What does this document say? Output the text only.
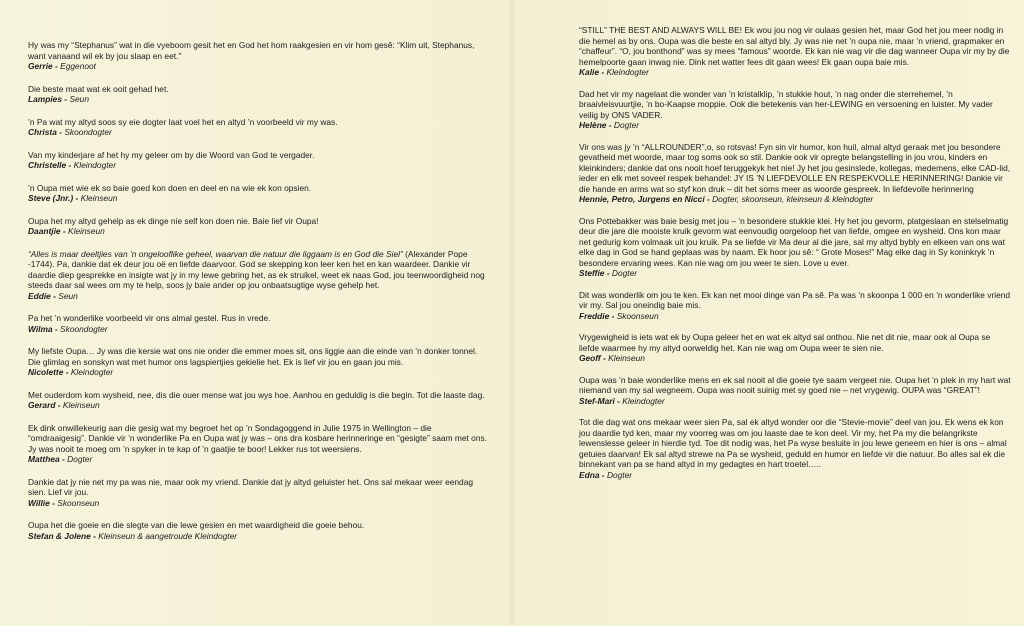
Hy was my “Stephanus” wat in die vyeboom gesit het en God het hom raakgesien en vir hom gesê: “Klim uit, Stephanus, want vanaand wil ek by jou slaap en eet.”

Gerrie - Eggenoot

Die beste maat wat ek ooit gehad het.

Lampies - Seun

’n Pa wat my altyd soos sy eie dogter laat voel het en altyd ’n voorbeeld vir my was.

Christa - Skoondogter

Van my kinderjare af het hy my geleer om by die Woord van God te vergader.

Christelle - Kleindogter

’n Oupa met wie ek so baie goed kon doen en deel en na wie ek kon opsien.

Steve (Jnr.) - Kleinseun

Oupa het my altyd gehelp as ek dinge nie self kon doen nie. Baie lief vir Oupa!

Daantjie - Kleinseun

“Alles is maar deeltjies van ’n ongelooflike geheel, waarvan die natuur die liggaam is en God die Siel” (Alexander Pope -1744). Pa, dankie dat ek deur jou oë en liefde daarvoor. God se skepping kon leer ken het en kan waardeer. Dankie vir daardie diep gesprekke en insigte wat jy in my lewe gebring het, as ek struikel, weet ek naas God, jou teenwoordigheid nog steeds daar sal wees om my te help, soos jy baie ander op jou onbaatsugtige wyse gehelp het.

Eddie - Seun

Pa het ’n wonderlike voorbeeld vir ons almal gestel. Rus in vrede.

Wilma - Skoondogter

My liefste Oupa… Jy was die kersie wat ons nie onder die emmer moes sit, ons liggie aan die einde van ’n donker tonnel. Die glimlag en sonskyn wat met humor ons lagspiertjies gekielie het. Ek is lief vir jou en gaan jou mis.

Nicolette - Kleindogter

Met ouderdom kom wysheid, nee, dis die ouer mense wat jou wys hoe. Aanhou en geduldig is die begin. Tot die laaste dag.

Gerard - Kleinseun

Ek dink onwillekeurig aan die gesig wat my begroet het op ’n Sondagoggend in Julie 1975 in Wellington – die “omdraaigesig”. Dankie vir ’n wonderlike Pa en Oupa wat jy was – ons dra kosbare herinneringe en “gesigte” saam met ons. Jy was nooit te moeg om ’n spyker in te kap of ’n gaatjie te boor! Lekker rus tot weersiens.

Matthea - Dogter

Dankie dat jy nie net my pa was nie, maar ook my vriend. Dankie dat jy altyd geluister het. Ons sal mekaar weer eendag sien. Lief vir jou.

Willie - Skoonseun

Oupa het die goeie en die slegte van die lewe gesien en met waardigheid die goeie behou.

Stefan & Jolene - Kleinseun & aangetroude Kleindogter

“STILL” THE BEST AND ALWAYS WILL BE! Ek wou jou nog vir oulaas gesien het, maar God het jou meer nodig in die hemel as by ons. Oupa was die beste en sal altyd bly. Jy was nie net ’n oupa nie, maar ’n vriend, grapmaker en “chaffeur”. “O, jou bonthond” was sy mees “famous” woorde. Ek kan nie wag vir die dag wanneer Oupa vir my by die hemelpoorte gaan inwag nie. Dink net watter fees dit gaan wees! Ek gaan oupa baie mis.

Kalie - Kleindogter

Dad het vir my nagelaat die wonder van ’n kristalklip, ’n stukkie hout, ’n nag onder die sterrehemel, ’n braaivleisvuurtjie, ’n bo-Kaapse moppie. Ook die betekenis van her-LEWING en versoening en luister. My vader veilig by ONS VADER.

Helène - Dogter

Vir ons was jy ’n “ALLROUNDER”,o, so rotsvas! Fyn sin vir humor, kon huil, almal altyd geraak met jou besondere gevatheid met woorde, maar tog soms ook so stil. Dankie ook vir opregte belangstelling in jou vrou, kinders en kleinkinders; dankie dat ons nooit hoef teruggekyk het nie! Jy het jou gesinslede, kollegas, medemens, elke CAD-lid, ieder en elk met soveel respek behandel: JY IS ’N LIEFDEVOLLE EN RESPEKVOLLE HERINNERING! Dankie vir die hande en arms wat so styf kon druk – dit het soms meer as woorde gespreek. In liefdevolle herinnering

Hennie, Petro, Jurgens en Nicci - Dogter, skoonseun, kleinseun & kleindogter

Ons Pottebakker was baie besig met jou – ’n besondere stukkie klei. Hy het jou gevorm, platgeslaan en stelselmatig deur die jare die mooiste kruik gevorm wat eenvoudig oorgeloop het van liefde, omgee en wysheid. Ons kon maar net gedurig kom volmaak uit jou kruik. Pa se liefde vir Ma deur al die jare, sal my altyd bybly en elkeen van ons wat elke dag in God se hand geplaas was by naam. Ek hoor jou sê: “ Grote Moses!” Mag elke dag in Sy koninkryk ’n besondere ervaring wees. Kan nie wag om jou weer te sien. Love u ever.

Steffie - Dogter

Dit was wonderlik om jou te ken. Ek kan net mooi dinge van Pa sê. Pa was ’n skoonpa 1 000 en ’n wonderlike vriend vir my. Sal jou oneindig baie mis.

Freddie - Skoonseun

Vrygewigheid is iets wat ek by Oupa geleer het en wat ek altyd sal onthou. Nie net dit nie, maar ook al Oupa se liefde waarmee hy my altyd oorweldig het. Kan nie wag om Oupa weer te sien nie.

Geoff - Kleinseun

Oupa was ’n baie wonderlike mens en ek sal nooit al die goeie tye saam vergeet nie. Oupa het ’n plek in my hart wat niemand van my sal wegneem. Oupa was nooit suinig met sy goed nie – net vrygewig. OUPA was “GREAT”!

Stef-Mari - Kleindogter

Tot die dag wat ons mekaar weer sien Pa, sal ek altyd wonder oor die “Stevie-movie” deel van jou. Ek wens ek kon jou daardie tyd ken, maar my voorreg was om jou laaste dae te kon deel. Vir my, het Pa my die belangrikste lewenslesse geleer in hierdie tyd. Toe dit nodig was, het Pa wyse besluite in jou lewe geneem en hier is ons – almal getuies daarvan! Ek sal altyd strewe na Pa se wysheid, geduld en humor en liefde vir die natuur. Bo alles sal ek die binnekant van pa se hand altyd in my gedagtes en hart troetel…..

Edna - Dogter
